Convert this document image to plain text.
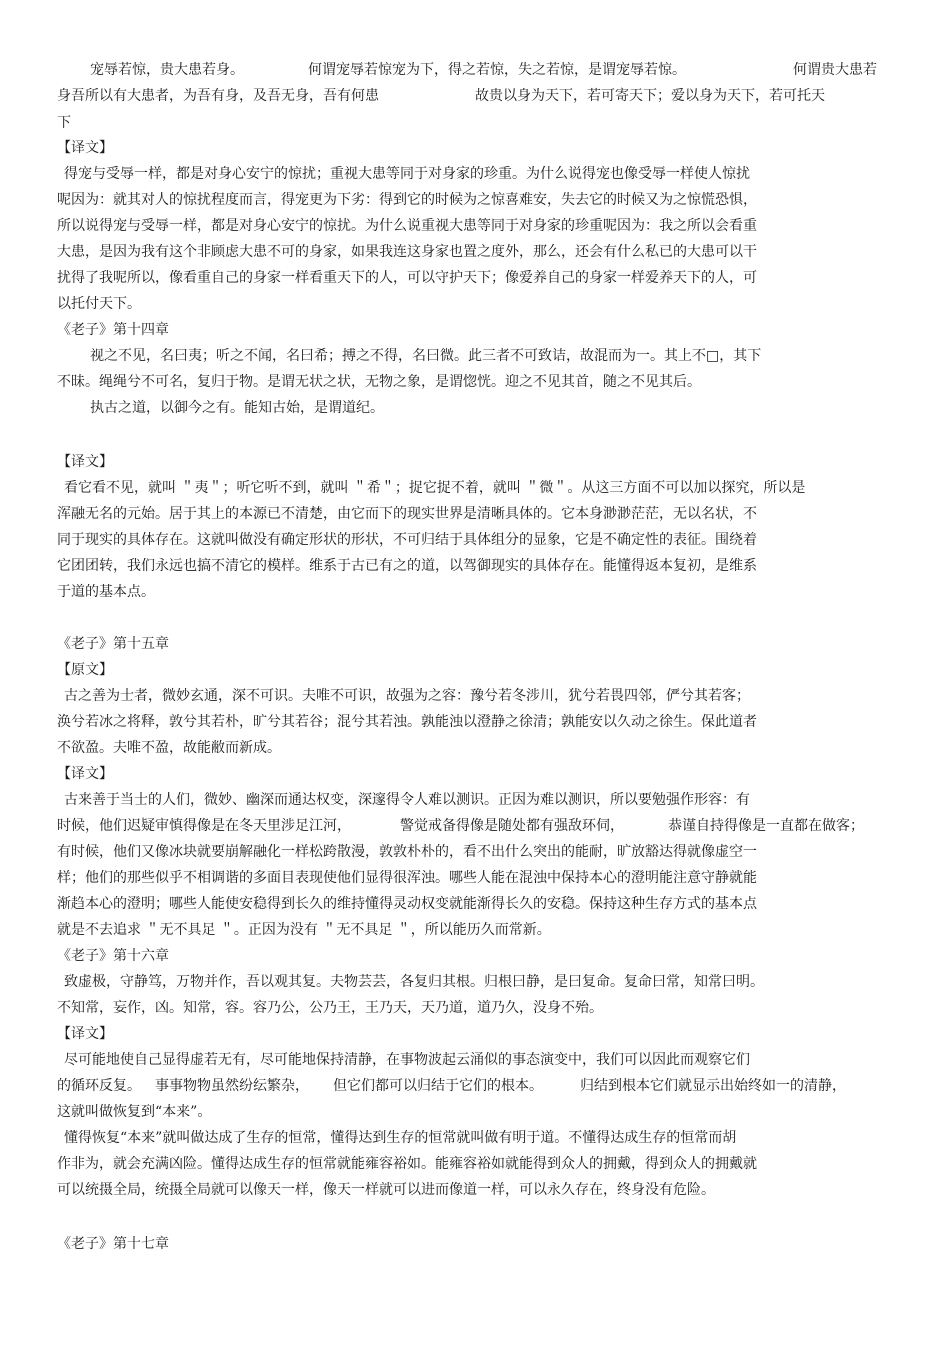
宠辱若惊，贵大患若身。	何谓宠辱若惊宠为下，得之若惊，失之若惊，是谓宠辱若惊。	何谓贵大患若
身吾所以有大患者，为吾有身，及吾无身，吾有何患	故贵以身为天下，若可寄天下；爱以身为天下，若可托天
下
【译文】
得宠与受辱一样，都是对身心安宁的惊扰；重视大患等同于对身家的珍重。为什么说得宠也像受辱一样使人惊扰
呢因为：就其对人的惊扰程度而言，得宠更为下劣：得到它的时候为之惊喜难安，失去它的时候又为之惊慌恐惧，
所以说得宠与受辱一样，都是对身心安宁的惊扰。为什么说重视大患等同于对身家的珍重呢因为：我之所以会看重
大患，是因为我有这个非顾虑大患不可的身家，如果我连这身家也置之度外，那么，还会有什么私已的大患可以干
扰得了我呢所以，像看重自己的身家一样看重天下的人，可以守护天下；像爱养自己的身家一样爱养天下的人，可
以托付天下。
《老子》第十四章
视之不见，名曰夷；听之不闻，名曰希；搏之不得，名曰微。此三者不可致诘，故混而为一。其上不□，其下
不昧。绳绳兮不可名，复归于物。是谓无状之状，无物之象，是谓惚恍。迎之不见其首，随之不见其后。
执古之道，以御今之有。能知古始，是谓道纪。
【译文】
看它看不见，就叫 ＂夷＂；听它听不到，就叫 ＂希＂；捉它捉不着，就叫 ＂微＂。从这三方面不可以加以探究，所以是
浑融无名的元始。居于其上的本源已不清楚，由它而下的现实世界是清晰具体的。它本身渺渺茫茫，无以名状，不
同于现实的具体存在。这就叫做没有确定形状的形状，不可归结于具体组分的显象，它是不确定性的表征。围绕着
它团团转，我们永远也搞不清它的模样。维系于古已有之的道，以驾御现实的具体存在。能懂得返本复初，是维系
于道的基本点。
《老子》第十五章
【原文】
古之善为士者，微妙玄通，深不可识。夫唯不可识，故强为之容：豫兮若冬涉川，犹兮若畏四邻，俨兮其若客；
涣兮若冰之将释，敦兮其若朴，旷兮其若谷；混兮其若浊。孰能浊以澄静之徐清；孰能安以久动之徐生。保此道者
不欲盈。夫唯不盈，故能敝而新成。
【译文】
古来善于当士的人们，微妙、幽深而通达权变，深邃得令人难以测识。正因为难以测识，所以要勉强作形容：有
时候，他们迟疑审慎得像是在冬天里涉足江河，	警觉戒备得像是随处都有强敌环伺，	恭谨自持得像是一直都在做客；
有时候，他们又像冰块就要崩解融化一样松跨散漫，敦敦朴朴的，看不出什么突出的能耐，旷放豁达得就像虚空一
样；他们的那些似乎不相调谐的多面目表现使他们显得很浑浊。哪些人能在混浊中保持本心的澄明能注意守静就能
渐趋本心的澄明；哪些人能使安稳得到长久的维持懂得灵动权变就能渐得长久的安稳。保持这种生存方式的基本点
就是不去追求 ＂无不具足 ＂。正因为没有 ＂无不具足 ＂，所以能历久而常新。
《老子》第十六章
致虚极，守静笃，万物并作，吾以观其复。夫物芸芸，各复归其根。归根曰静，是曰复命。复命曰常，知常曰明。
不知常，妄作，凶。知常，容。容乃公，公乃王，王乃天，天乃道，道乃久，没身不殆。
【译文】
尽可能地使自己显得虚若无有，尽可能地保持清静，在事物波起云涌似的事态演变中，我们可以因此而观察它们
的循环反复。 事事物物虽然纷纭繁杂， 但它们都可以归结于它们的根本。	归结到根本它们就显示出始终如一的清静，
这就叫做恢复到“本来”。
懂得恢复“本来”就叫做达成了生存的恒常，懂得达到生存的恒常就叫做有明于道。不懂得达成生存的恒常而胡
作非为，就会充满凶险。懂得达成生存的恒常就能雍容裕如。能雍容裕如就能得到众人的拥戴，得到众人的拥戴就
可以统摄全局，统摄全局就可以像天一样，像天一样就可以进而像道一样，可以永久存在，终身没有危险。
《老子》第十七章
